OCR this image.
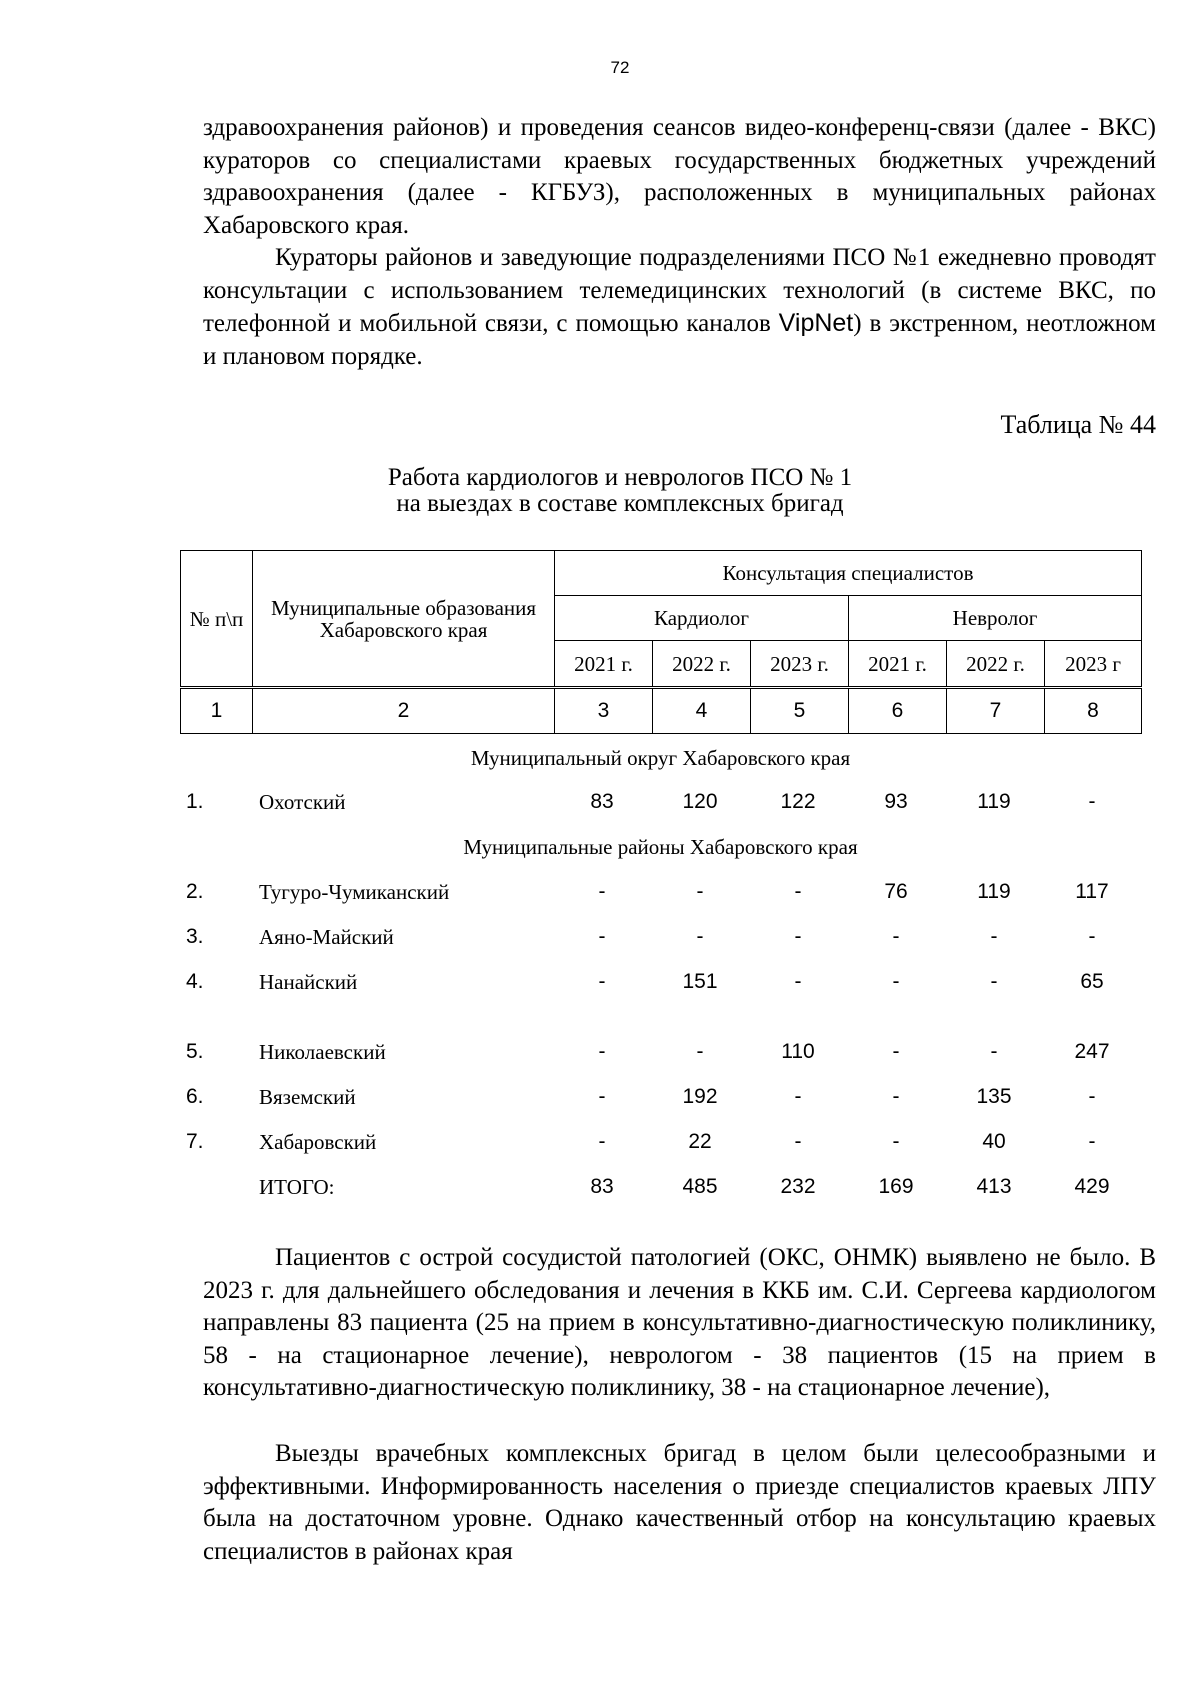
72

здравоохранения районов) и проведения сеансов видео-конференц-связи (далее - ВКС) кураторов со специалистами краевых государственных бюджетных учреждений здравоохранения (далее - КГБУЗ), расположенных в муниципальных районах Хабаровского края.

Кураторы районов и заведующие подразделениями ПСО №1 ежедневно проводят консультации с использованием телемедицинских технологий (в системе ВКС, по телефонной и мобильной связи, с помощью каналов VipNet) в экстренном, неотложном и плановом порядке.

Таблица № 44
Работа кардиологов и неврологов ПСО № 1
на выездах в составе комплексных бригад
№ п\п	Муниципальные образования Хабаровского края	Консультация специалистов					
		Кардиолог			Невролог		
		2021 г.	2022 г.	2023 г.	2021 г.	2022 г.	2023 г
1	2	3	4	5	6	7	8
Муниципальный округ Хабаровского края
1.	Охотский	83	120	122	93	119	-
2.	Тугуро-Чумиканский	-	-	-	76	119	117
3.	Аяно-Майский	-	-	-	-	-	-
4.	Нанайский	-	151	-	-	-	65
5.	Николаевский	-	-	110	-	-	247
6.	Вяземский	-	192	-	-	135	-
7.	Хабаровский	-	22	-	-	40	-
ИТОГО:	83	485	232	169	413	429
Муниципальные районы Хабаровского края

Пациентов с острой сосудистой патологией (ОКС, ОНМК) выявлено не было. В 2023 г. для дальнейшего обследования и лечения в ККБ им. С.И. Сергеева кардиологом направлены 83 пациента (25 на прием в консультативно-диагностическую поликлинику, 58 - на стационарное лечение), неврологом - 38 пациентов (15 на прием в консультативно-диагностическую поликлинику, 38 - на стационарное лечение),

Выезды врачебных комплексных бригад в целом были целесообразными и эффективными. Информированность населения о приезде специалистов краевых ЛПУ была на достаточном уровне. Однако качественный отбор на консультацию краевых специалистов в районах края
